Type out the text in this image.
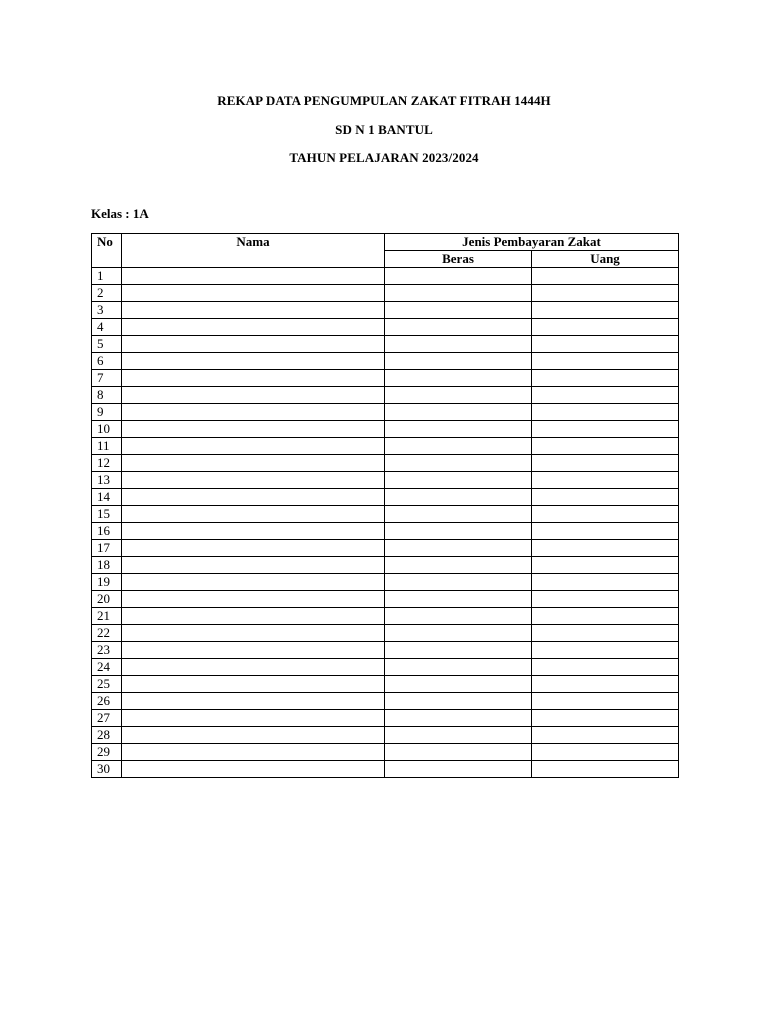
REKAP DATA PENGUMPULAN ZAKAT FITRAH 1444H
SD N 1 BANTUL
TAHUN PELAJARAN 2023/2024
Kelas : 1A
No	Nama	Jenis Pembayaran Zakat	
		Beras	Uang
1			
2			
3			
4			
5			
6			
7			
8			
9			
10			
11			
12			
13			
14			
15			
16			
17			
18			
19			
20			
21			
22			
23			
24			
25			
26			
27			
28			
29			
30			
